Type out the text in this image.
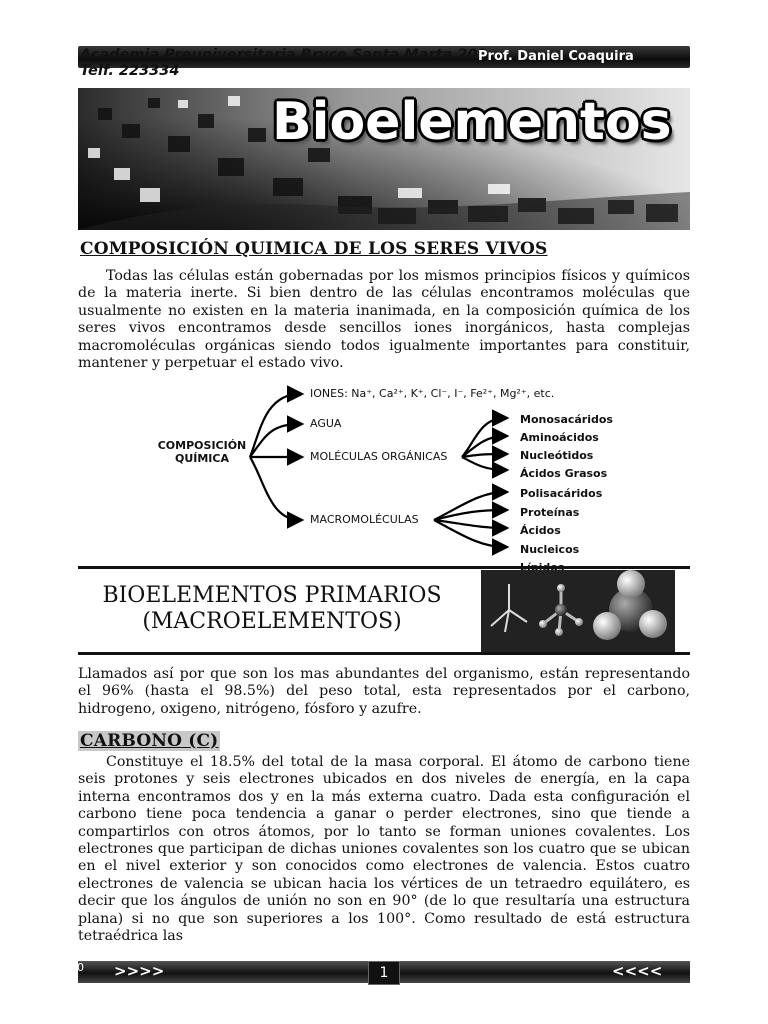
Academia Preuniversitaria Bryce Santa Marta 209 Telf. 223334
Prof. Daniel Coaquira
Bioelementos
COMPOSICIÓN QUIMICA DE LOS SERES VIVOS

Todas las células están gobernadas por los mismos principios físicos y químicos de la materia inerte. Si bien dentro de las células encontramos moléculas que usualmente no existen en la materia inanimada, en la composición química de los seres vivos encontramos desde sencillos iones inorgánicos, hasta complejas macromoléculas orgánicas siendo todos igualmente importantes para constituir, mantener y perpetuar el estado vivo.

COMPOSICIÓN
QUÍMICA
IONES: Na⁺, Ca²⁺, K⁺, Cl⁻, I⁻, Fe²⁺, Mg²⁺, etc.
AGUA
MOLÉCULAS ORGÁNICAS
MACROMOLÉCULAS
Monosacáridos
Aminoácidos
Nucleótidos
Ácidos Grasos
Polisacáridos
Proteínas
Ácidos Nucleicos
BIOELEMENTOS PRIMARIOS
(MACROELEMENTOS)

Llamados así por que son los mas abundantes del organismo, están representando el 96% (hasta el 98.5%) del peso total, esta representados por el carbono, hidrogeno, oxigeno, nitrógeno, fósforo y azufre.

CARBONO (C)

Constituye el 18.5% del total de la masa corporal. El átomo de carbono tiene seis protones y seis electrones ubicados en dos niveles de energía, en la capa interna encontramos dos y en la más externa cuatro. Dada esta configuración el carbono tiene poca tendencia a ganar o perder electrones, sino que tiende a compartirlos con otros átomos, por lo tanto se forman uniones covalentes. Los electrones que participan de dichas uniones covalentes son los cuatro que se ubican en el nivel exterior y son conocidos como electrones de valencia. Estos cuatro electrones de valencia se ubican hacia los vértices de un tetraedro equilátero, es decir que los ángulos de unión no son en 90° (de lo que resultaría una estructura plana) si no que son superiores a los 100°. Como resultado de está estructura tetraédrica las

0 >>>>	<<<<
1
